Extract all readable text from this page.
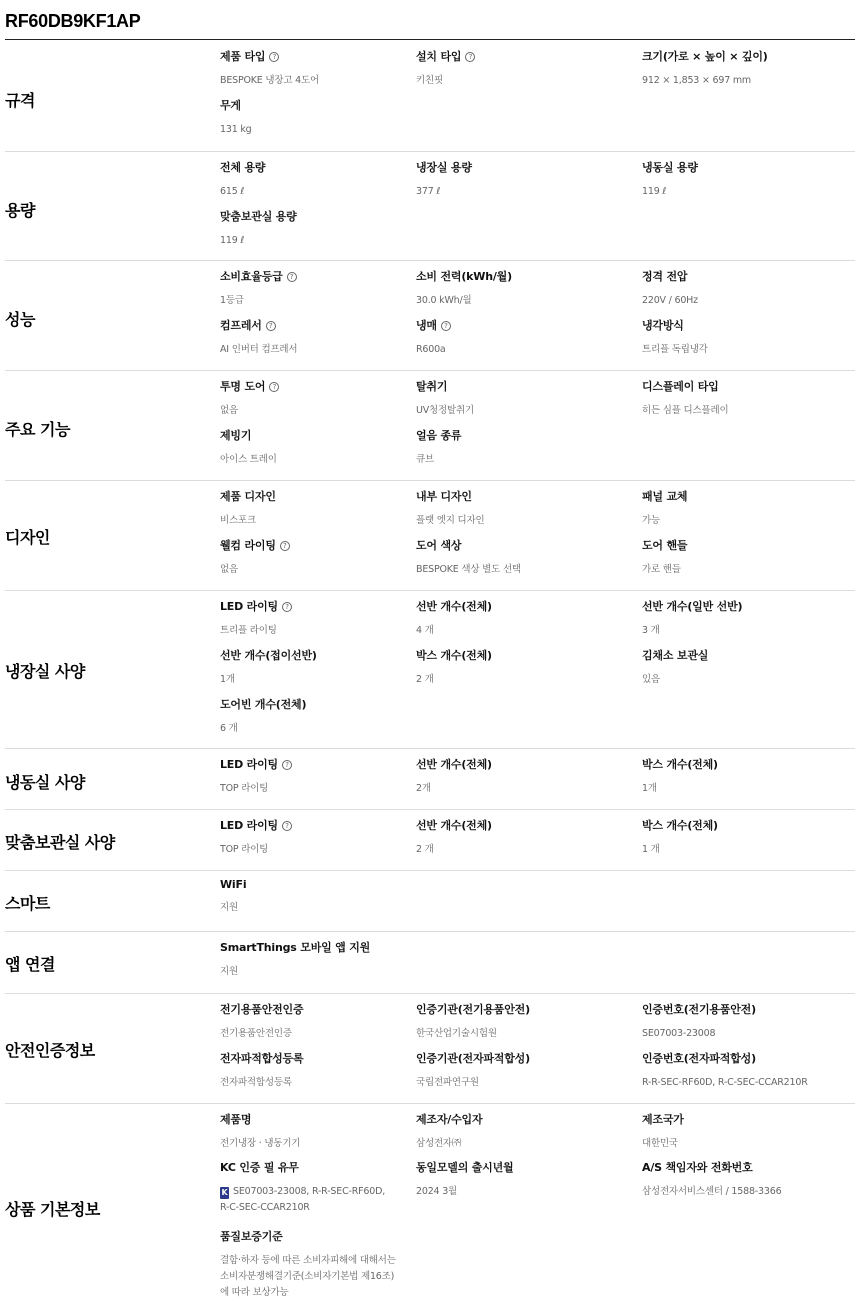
RF60DB9KF1AP
규격
제품 타입 ?
BESPOKE 냉장고 4도어
설치 타입 ?
키친핏
크기(가로 × 높이 × 깊이)
912 × 1,853 × 697 mm
무게
131 kg
용량
전체 용량
615 ℓ
냉장실 용량
377 ℓ
냉동실 용량
119 ℓ
맞춤보관실 용량
119 ℓ
성능
소비효율등급 ?
1등급
소비 전력(kWh/월)
30.0 kWh/월
정격 전압
220V / 60Hz
컴프레서 ?
AI 인버터 컴프레서
냉매 ?
R600a
냉각방식
트리플 독립냉각
주요 기능
투명 도어 ?
없음
탈취기
UV청정탈취기
디스플레이 타입
히든 심플 디스플레이
제빙기
아이스 트레이
얼음 종류
큐브
디자인
제품 디자인
비스포크
내부 디자인
플랫 엣지 디자인
패널 교체
가능
웰컴 라이팅 ?
없음
도어 색상
BESPOKE 색상 별도 선택
도어 핸들
가로 핸들
냉장실 사양
LED 라이팅 ?
트리플 라이팅
선반 개수(전체)
4 개
선반 개수(일반 선반)
3 개
선반 개수(접이선반)
1개
박스 개수(전체)
2 개
김채소 보관실
있음
도어빈 개수(전체)
6 개
냉동실 사양
LED 라이팅 ?
TOP 라이팅
선반 개수(전체)
2개
박스 개수(전체)
1개
맞춤보관실 사양
LED 라이팅 ?
TOP 라이팅
선반 개수(전체)
2 개
박스 개수(전체)
1 개
스마트
WiFi
지원
앱 연결
SmartThings 모바일 앱 지원
지원
안전인증정보
전기용품안전인증
전기용품안전인증
인증기관(전기용품안전)
한국산업기술시험원
인증번호(전기용품안전)
SE07003-23008
전자파적합성등록
전자파적합성등록
인증기관(전자파적합성)
국립전파연구원
인증번호(전자파적합성)
R-R-SEC-RF60D, R-C-SEC-CCAR210R
상품 기본정보
제품명
전기냉장 · 냉동기기
제조자/수입자
삼성전자㈜
제조국가
대한민국
KC 인증 필 유무
K SE07003-23008, R-R-SEC-RF60D,
R-C-SEC-CCAR210R
동일모델의 출시년월
2024 3월
A/S 책임자와 전화번호
삼성전자서비스센터 / 1588-3366
품질보증기준
결함·하자 등에 따른 소비자피해에 대해서는
소비자분쟁해결기준(소비자기본법 제16조)
에 따라 보상가능
